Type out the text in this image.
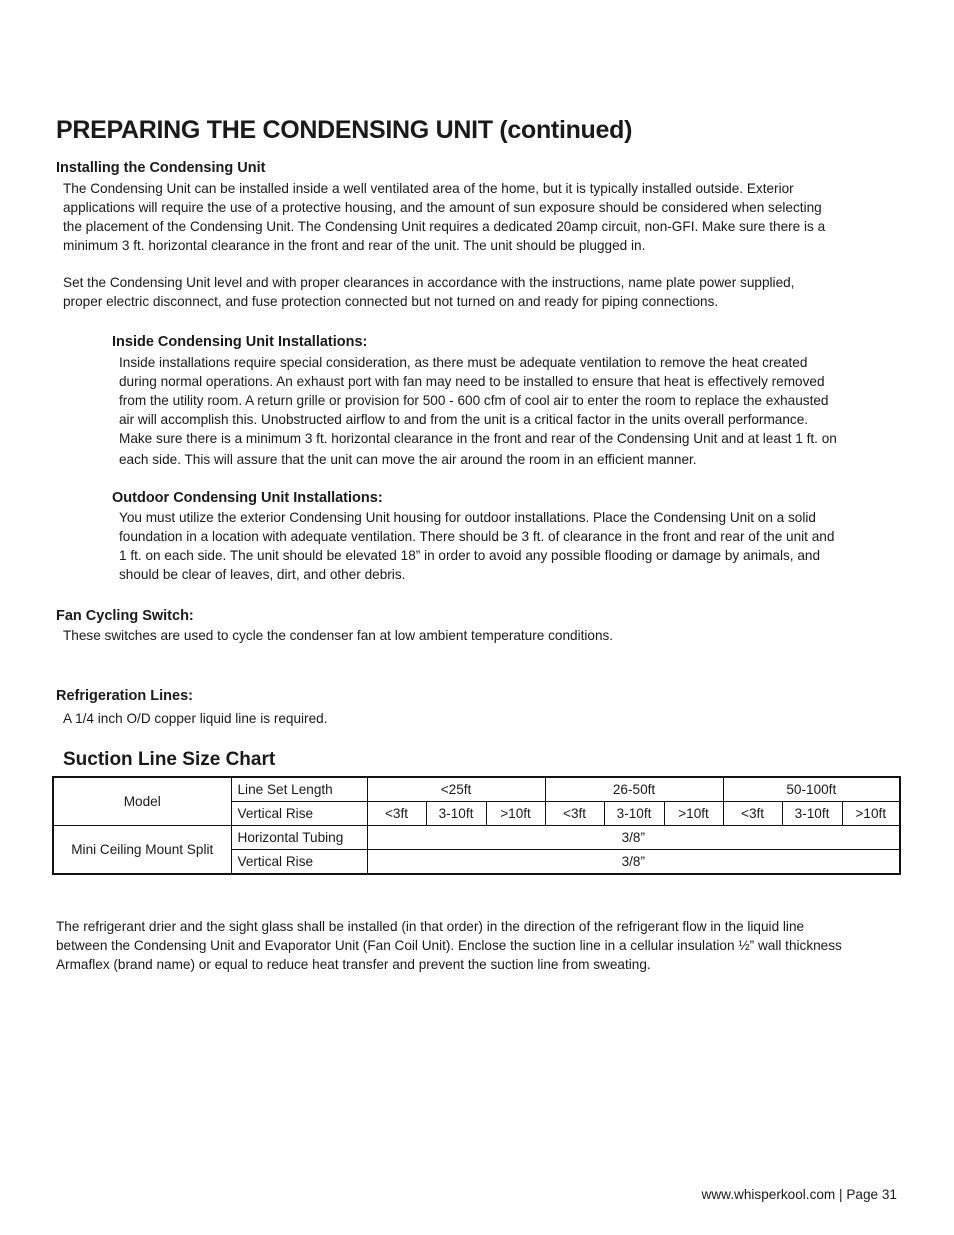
PREPARING THE CONDENSING UNIT (continued)
Installing the Condensing Unit
The Condensing Unit can be installed inside a well ventilated area of the home, but it is typically installed outside. Exterior
applications will require the use of a protective housing, and the amount of sun exposure should be considered when selecting
the placement of the Condensing Unit. The Condensing Unit requires a dedicated 20amp circuit, non-GFI. Make sure there is a
minimum 3 ft. horizontal clearance in the front and rear of the unit. The unit should be plugged in.
Set the Condensing Unit level and with proper clearances in accordance with the instructions, name plate power supplied,
proper electric disconnect, and fuse protection connected but not turned on and ready for piping connections.
Inside Condensing Unit Installations:
Inside installations require special consideration, as there must be adequate ventilation to remove the heat created
during normal operations. An exhaust port with fan may need to be installed to ensure that heat is effectively removed
from the utility room. A return grille or provision for 500 - 600 cfm of cool air to enter the room to replace the exhausted
air will accomplish this. Unobstructed airflow to and from the unit is a critical factor in the units overall performance.
Make sure there is a minimum 3 ft. horizontal clearance in the front and rear of the Condensing Unit and at least 1 ft. on
each side. This will assure that the unit can move the air around the room in an efficient manner.
Outdoor Condensing Unit Installations:
You must utilize the exterior Condensing Unit housing for outdoor installations. Place the Condensing Unit on a solid
foundation in a location with adequate ventilation. There should be 3 ft. of clearance in the front and rear of the unit and
1 ft. on each side. The unit should be elevated 18” in order to avoid any possible flooding or damage by animals, and
should be clear of leaves, dirt, and other debris.
Fan Cycling Switch:
These switches are used to cycle the condenser fan at low ambient temperature conditions.
Refrigeration Lines:
A 1/4 inch O/D copper liquid line is required.
Suction Line Size Chart
Model	Line Set Length	<25ft			26-50ft			50-100ft		
	Vertical Rise	<3ft	3-10ft	>10ft	<3ft	3-10ft	>10ft	<3ft	3-10ft	>10ft
Mini Ceiling Mount Split	Horizontal Tubing	3/8”								
	Vertical Rise	3/8”								
The refrigerant drier and the sight glass shall be installed (in that order) in the direction of the refrigerant flow in the liquid line
between the Condensing Unit and Evaporator Unit (Fan Coil Unit). Enclose the suction line in a cellular insulation ½” wall thickness
Armaflex (brand name) or equal to reduce heat transfer and prevent the suction line from sweating.
www.whisperkool.com | Page 31
